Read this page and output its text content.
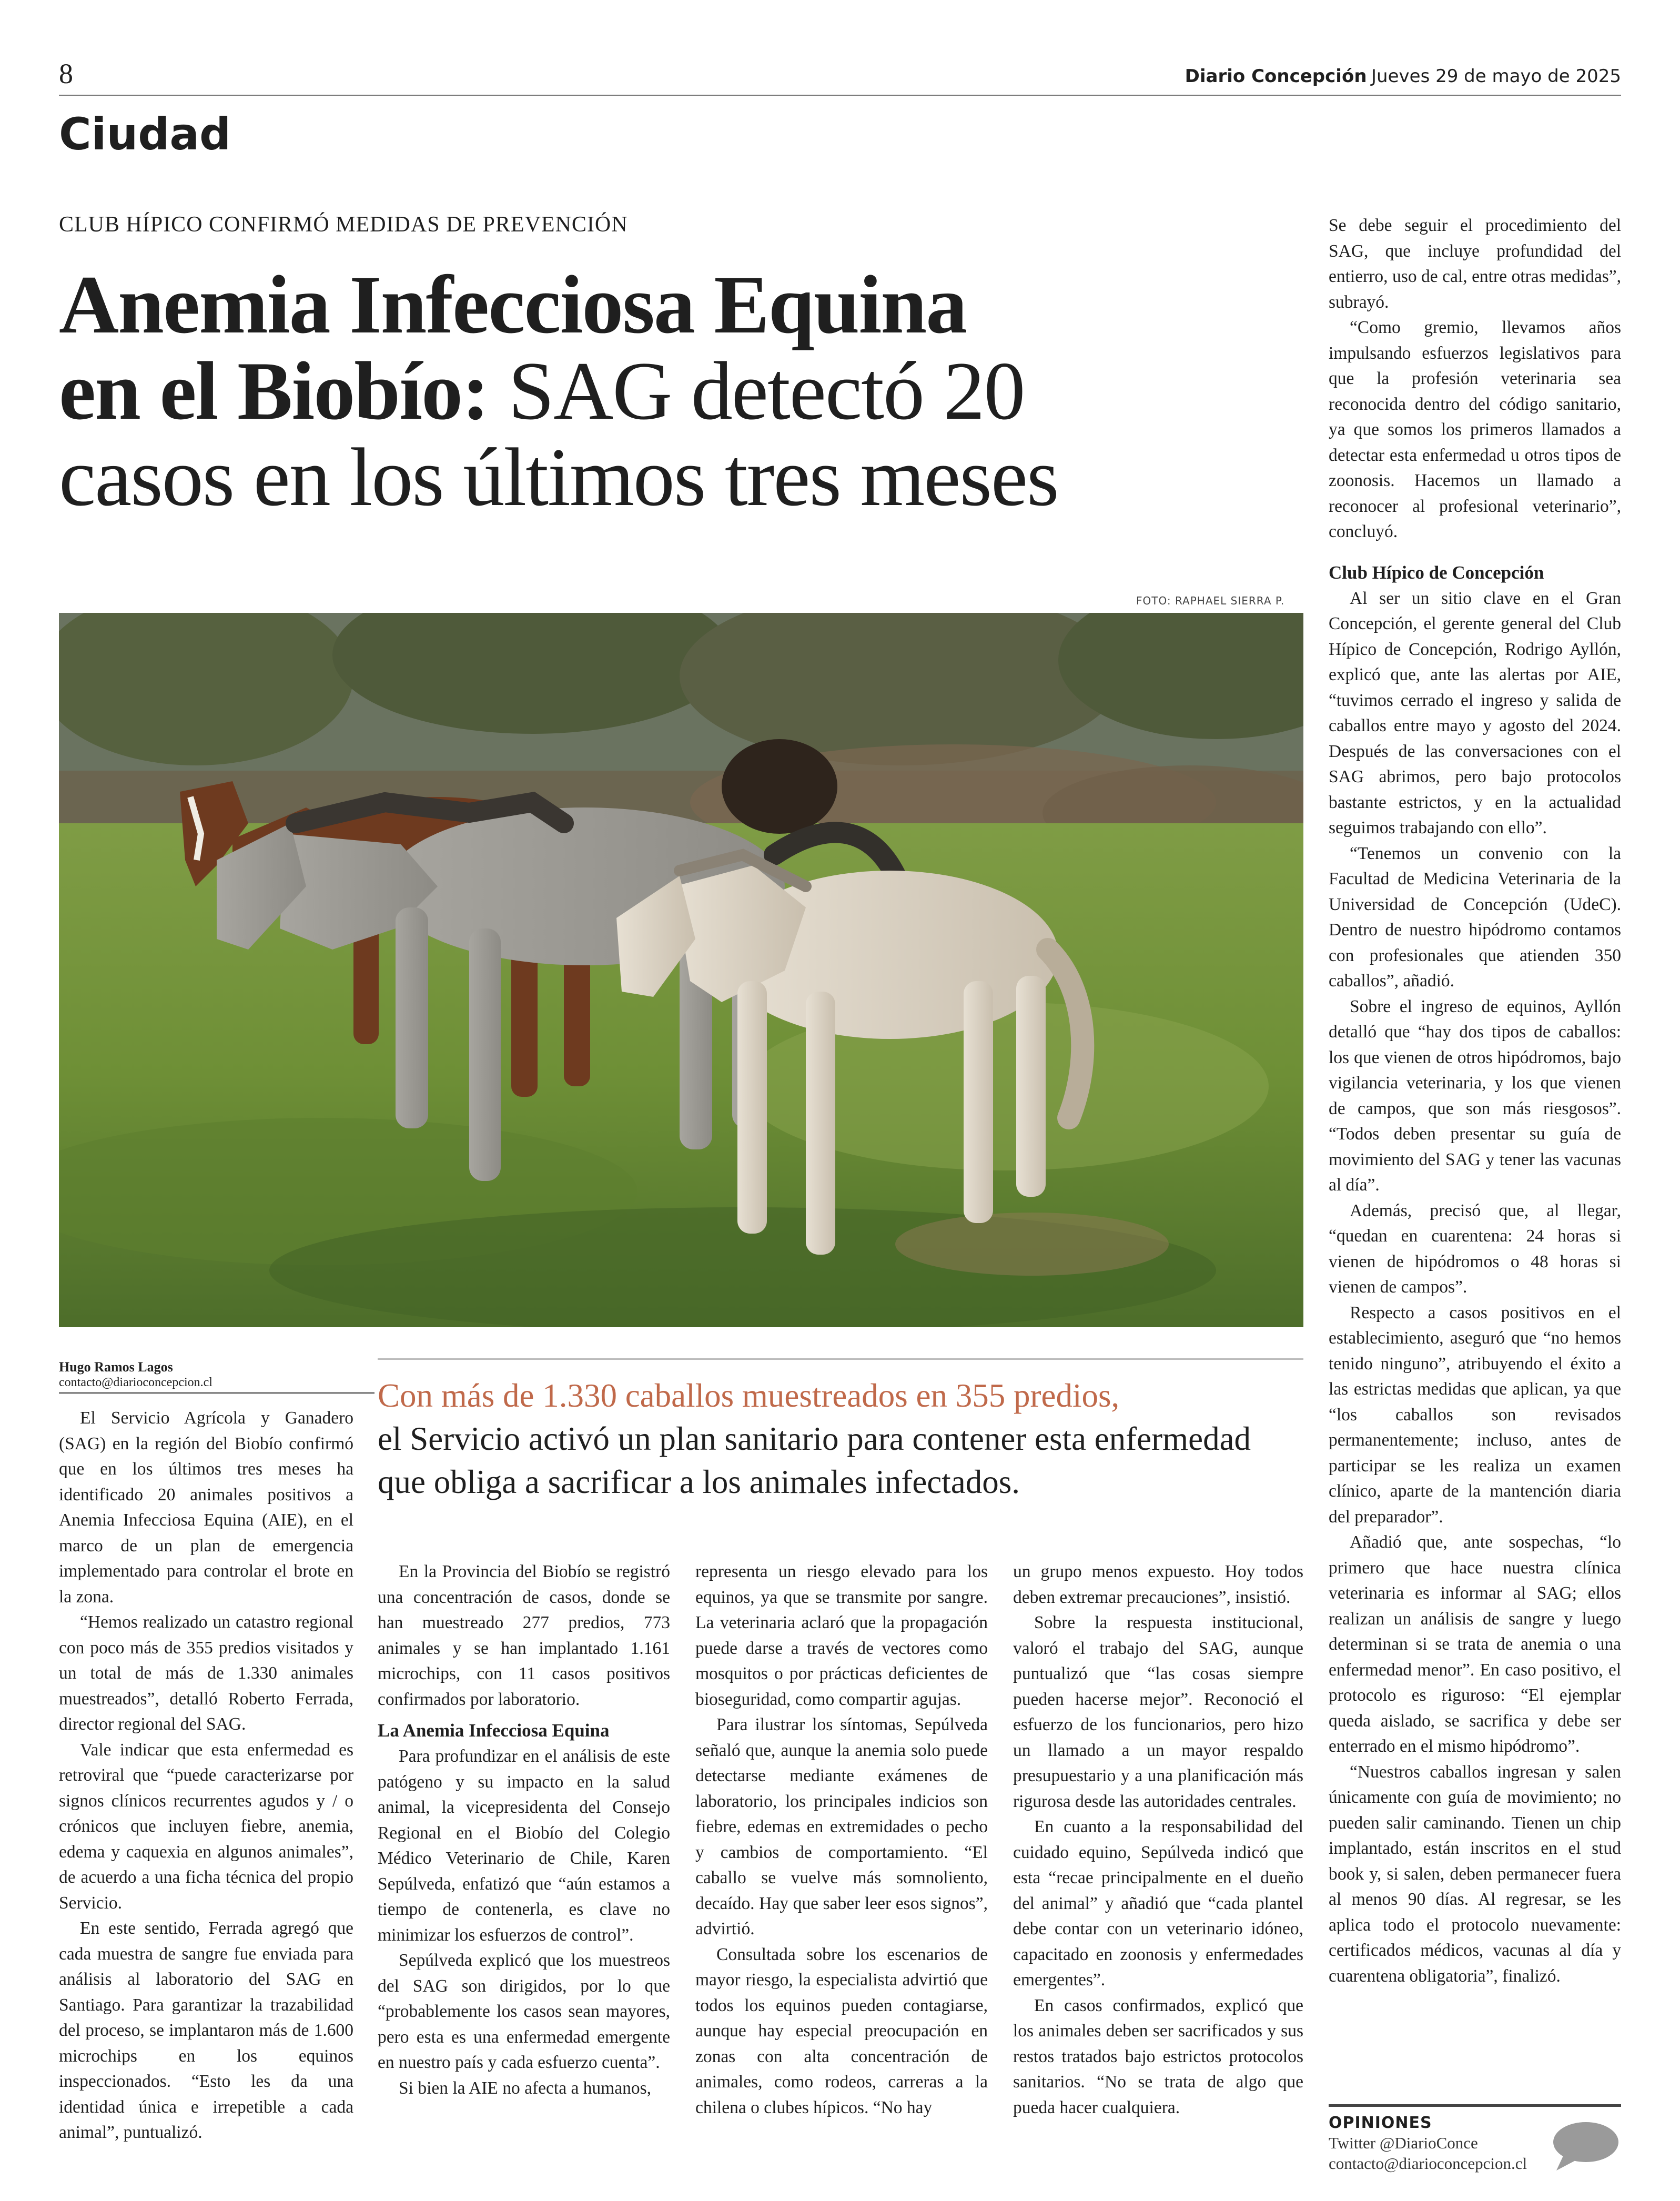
8	Diario Concepción Jueves 29 de mayo de 2025
Ciudad
CLUB HÍPICO CONFIRMÓ MEDIDAS DE PREVENCIÓN
Anemia Infecciosa Equina
en el Biobío: SAG detectó 20
casos en los últimos tres meses
FOTO: RAPHAEL SIERRA P.
Hugo Ramos Lagos
contacto@diarioconcepcion.cl	Con más de 1.330 caballos muestreados en 355 predios,
el Servicio activó un plan sanitario para contener esta enfermedad que obliga a sacrificar a los animales infectados.

El Servicio Agrícola y Ganadero (SAG) en la región del Biobío confirmó que en los últimos tres meses ha identificado 20 animales positivos a Anemia Infecciosa Equina (AIE), en el marco de un plan de emergencia implementado para controlar el brote en la zona.

“Hemos realizado un catastro regional con poco más de 355 predios visitados y un total de más de 1.330 animales muestreados”, detalló Roberto Ferrada, director regional del SAG.

Vale indicar que esta enfermedad es retroviral que “puede caracterizarse por signos clínicos recurrentes agudos y / o crónicos que incluyen fiebre, anemia, edema y caquexia en algunos animales”, de acuerdo a una ficha técnica del propio Servicio.

En este sentido, Ferrada agregó que cada muestra de sangre fue enviada para análisis al laboratorio del SAG en Santiago. Para garantizar la trazabilidad del proceso, se implantaron más de 1.600 microchips en los equinos inspeccionados. “Esto les da una identidad única e irrepetible a cada animal”, puntualizó.

En la Provincia del Biobío se registró una concentración de casos, donde se han muestreado 277 predios, 773 animales y se han implantado 1.161 microchips, con 11 casos positivos confirmados por laboratorio.

La Anemia Infecciosa Equina

Para profundizar en el análisis de este patógeno y su impacto en la salud animal, la vicepresidenta del Consejo Regional en el Biobío del Colegio Médico Veterinario de Chile, Karen Sepúlveda, enfatizó que “aún estamos a tiempo de contenerla, es clave no minimizar los esfuerzos de control”.

Sepúlveda explicó que los muestreos del SAG son dirigidos, por lo que “probablemente los casos sean mayores, pero esta es una enfermedad emergente en nuestro país y cada esfuerzo cuenta”.

Si bien la AIE no afecta a humanos,

representa un riesgo elevado para los equinos, ya que se transmite por sangre. La veterinaria aclaró que la propagación puede darse a través de vectores como mosquitos o por prácticas deficientes de bioseguridad, como compartir agujas.

Para ilustrar los síntomas, Sepúlveda señaló que, aunque la anemia solo puede detectarse mediante exámenes de laboratorio, los principales indicios son fiebre, edemas en extremidades o pecho y cambios de comportamiento. “El caballo se vuelve más somnoliento, decaído. Hay que saber leer esos signos”, advirtió.

Consultada sobre los escenarios de mayor riesgo, la especialista advirtió que todos los equinos pueden contagiarse, aunque hay especial preocupación en zonas con alta concentración de animales, como rodeos, carreras a la chilena o clubes hípicos. “No hay

un grupo menos expuesto. Hoy todos deben extremar precauciones”, insistió.

Sobre la respuesta institucional, valoró el trabajo del SAG, aunque puntualizó que “las cosas siempre pueden hacerse mejor”. Reconoció el esfuerzo de los funcionarios, pero hizo un llamado a un mayor respaldo presupuestario y a una planificación más rigurosa desde las autoridades centrales.

En cuanto a la responsabilidad del cuidado equino, Sepúlveda indicó que esta “recae principalmente en el dueño del animal” y añadió que “cada plantel debe contar con un veterinario idóneo, capacitado en zoonosis y enfermedades emergentes”.

En casos confirmados, explicó que los animales deben ser sacrificados y sus restos tratados bajo estrictos protocolos sanitarios. “No se trata de algo que pueda hacer cualquiera.

Se debe seguir el procedimiento del SAG, que incluye profundidad del entierro, uso de cal, entre otras medidas”, subrayó.

“Como gremio, llevamos años impulsando esfuerzos legislativos para que la profesión veterinaria sea reconocida dentro del código sanitario, ya que somos los primeros llamados a detectar esta enfermedad u otros tipos de zoonosis. Hacemos un llamado a reconocer al profesional veterinario”, concluyó.

Club Hípico de Concepción

Al ser un sitio clave en el Gran Concepción, el gerente general del Club Hípico de Concepción, Rodrigo Ayllón, explicó que, ante las alertas por AIE, “tuvimos cerrado el ingreso y salida de caballos entre mayo y agosto del 2024. Después de las conversaciones con el SAG abrimos, pero bajo protocolos bastante estrictos, y en la actualidad seguimos trabajando con ello”.

“Tenemos un convenio con la Facultad de Medicina Veterinaria de la Universidad de Concepción (UdeC). Dentro de nuestro hipódromo contamos con profesionales que atienden 350 caballos”, añadió.

Sobre el ingreso de equinos, Ayllón detalló que “hay dos tipos de caballos: los que vienen de otros hipódromos, bajo vigilancia veterinaria, y los que vienen de campos, que son más riesgosos”. “Todos deben presentar su guía de movimiento del SAG y tener las vacunas al día”.

Además, precisó que, al llegar, “quedan en cuarentena: 24 horas si vienen de hipódromos o 48 horas si vienen de campos”.

Respecto a casos positivos en el establecimiento, aseguró que “no hemos tenido ninguno”, atribuyendo el éxito a las estrictas medidas que aplican, ya que “los caballos son revisados permanentemente; incluso, antes de participar se les realiza un examen clínico, aparte de la mantención diaria del preparador”.

Añadió que, ante sospechas, “lo primero que hace nuestra clínica veterinaria es informar al SAG; ellos realizan un análisis de sangre y luego determinan si se trata de anemia o una enfermedad menor”. En caso positivo, el protocolo es riguroso: “El ejemplar queda aislado, se sacrifica y debe ser enterrado en el mismo hipódromo”.

“Nuestros caballos ingresan y salen únicamente con guía de movimiento; no pueden salir caminando. Tienen un chip implantado, están inscritos en el stud book y, si salen, deben permanecer fuera al menos 90 días. Al regresar, se les aplica todo el protocolo nuevamente: certificados médicos, vacunas al día y cuarentena obligatoria”, finalizó.

OPINIONES
Twitter @DiarioConce
contacto@diarioconcepcion.cl
